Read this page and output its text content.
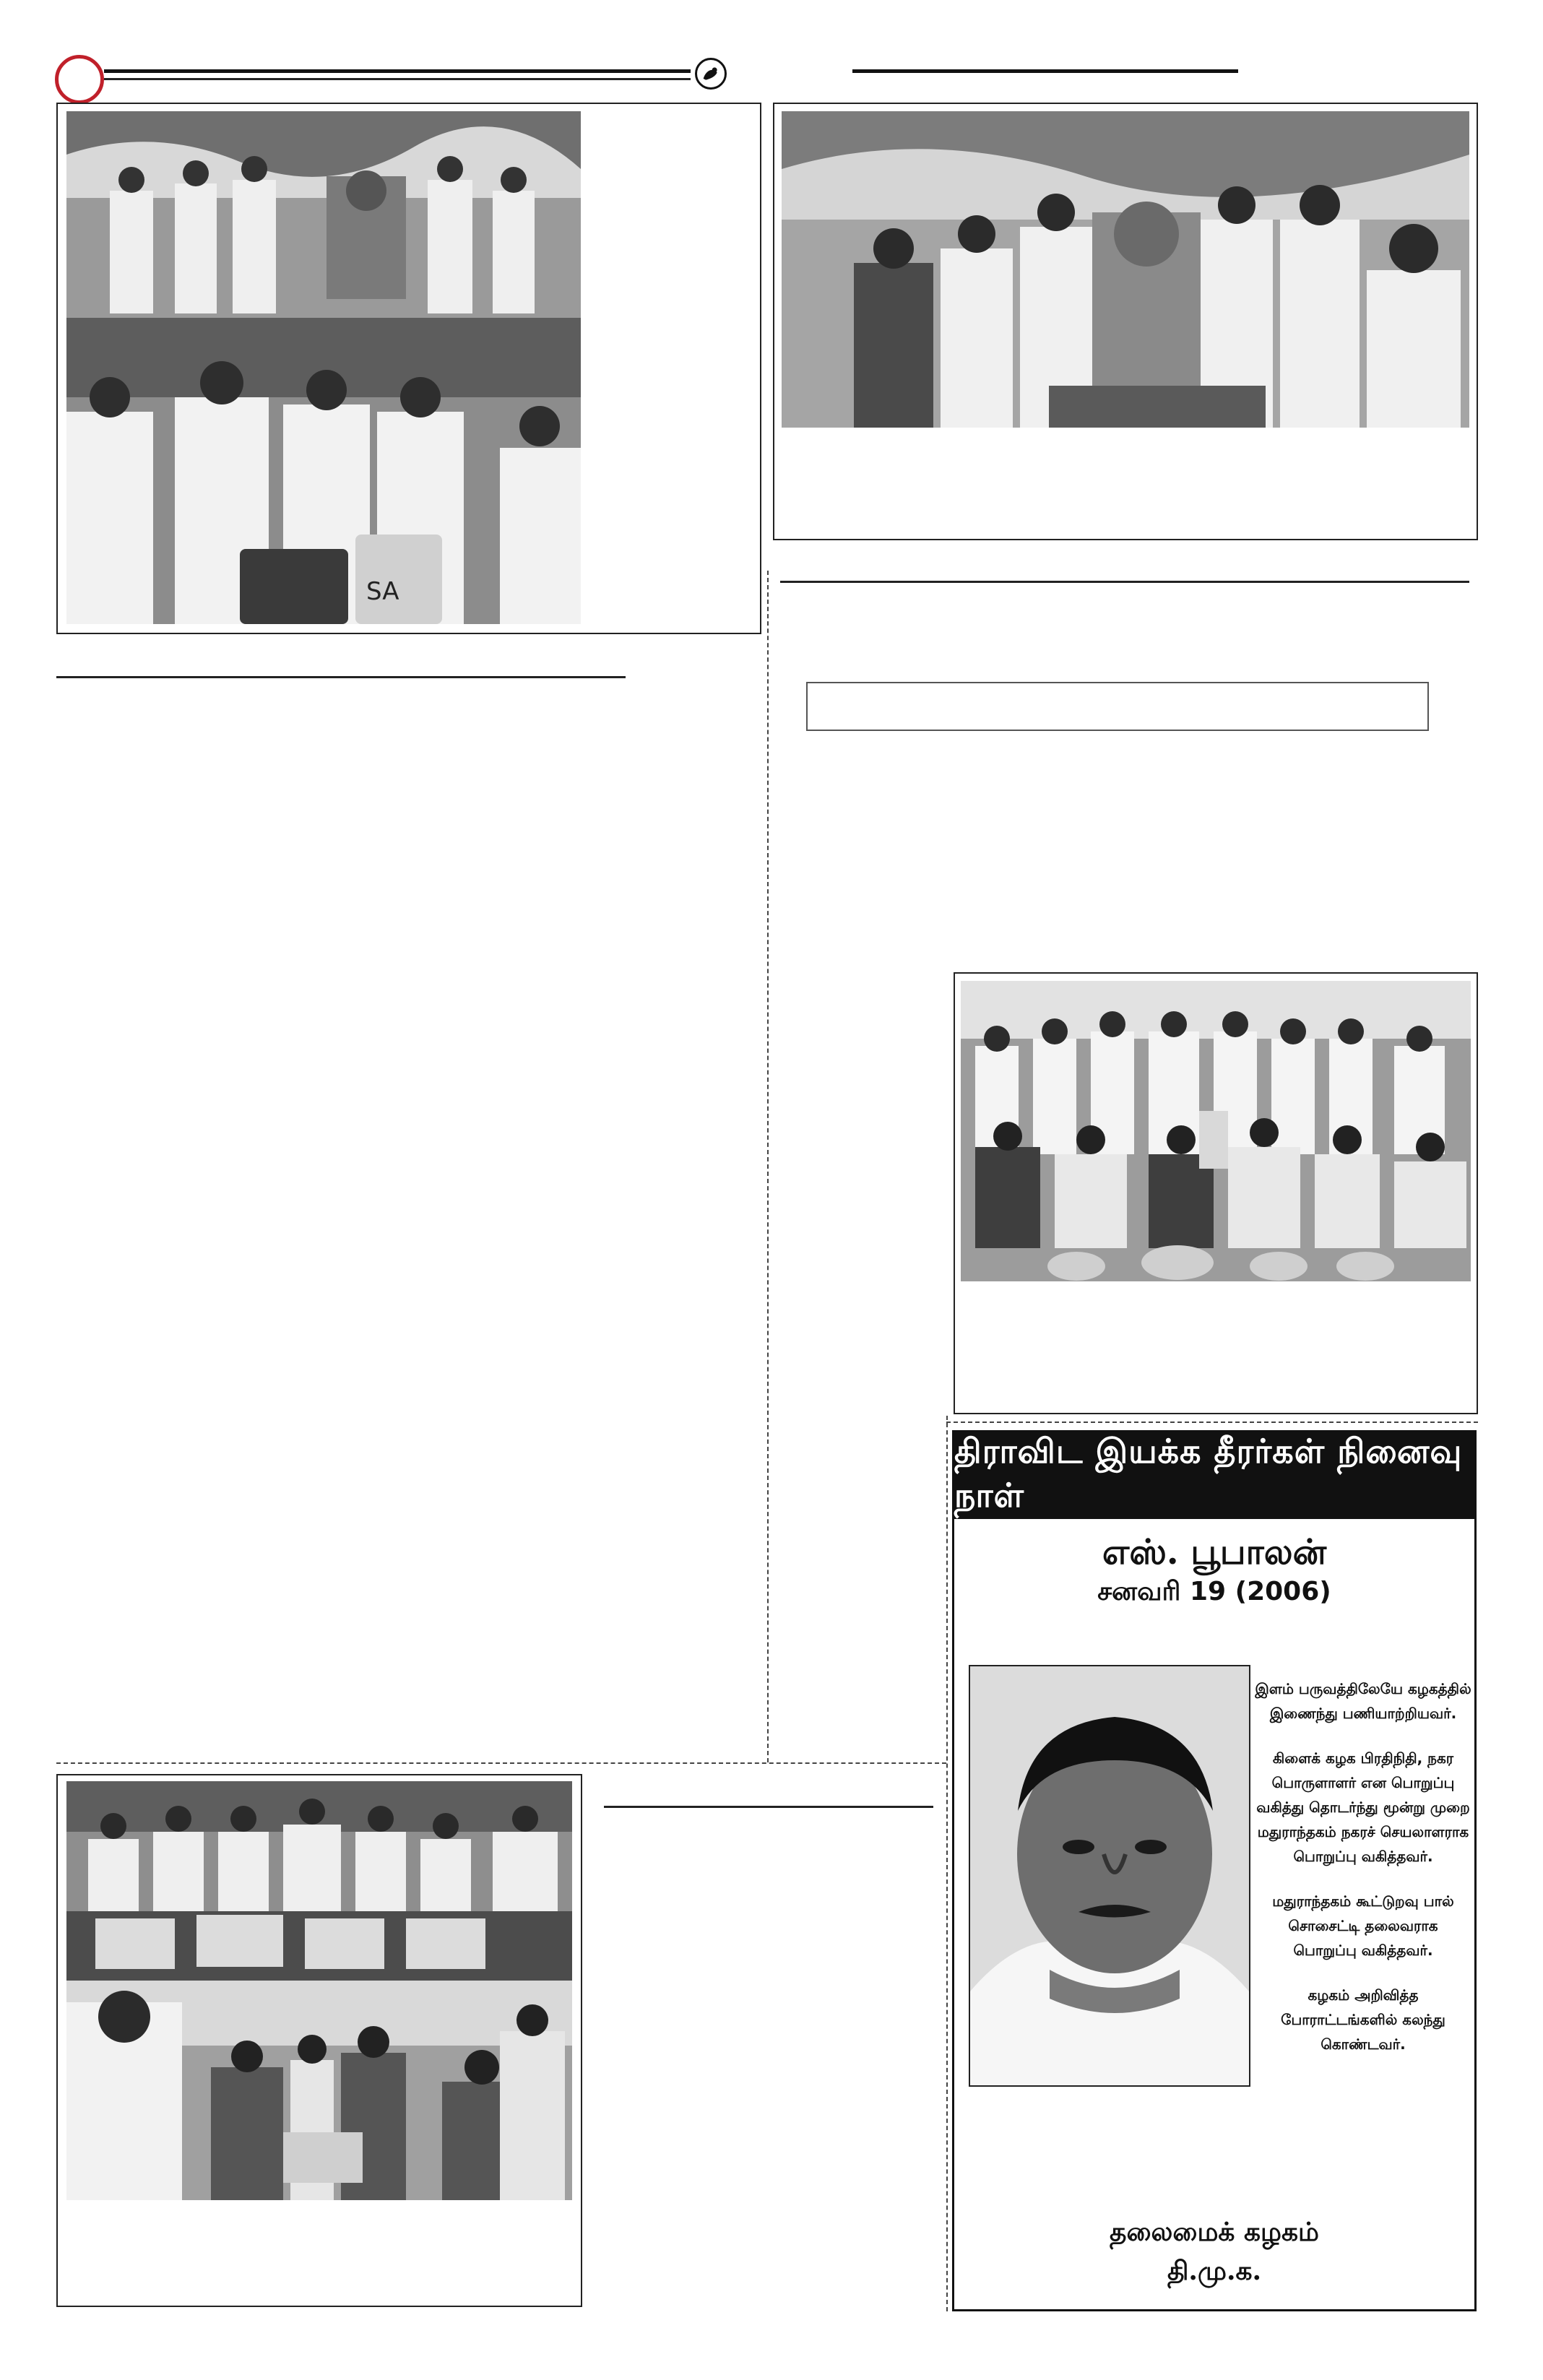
SA
திராவிட இயக்க தீரர்கள் நினைவு நாள்
எஸ். பூபாலன்
சனவரி 19 (2006)

இளம் பருவத்திலேயே கழகத்தில் இணைந்து பணியாற்றியவர்.

கிளைக் கழக பிரதிநிதி, நகர பொருளாளர் என பொறுப்பு வகித்து தொடர்ந்து மூன்று முறை மதுராந்தகம் நகரச் செயலாளராக பொறுப்பு வகித்தவர்.

மதுராந்தகம் கூட்டுறவு பால் சொசைட்டி தலைவராக பொறுப்பு வகித்தவர்.

கழகம் அறிவித்த போராட்டங்களில் கலந்து கொண்டவர்.

தலைமைக் கழகம்
தி.மு.க.
